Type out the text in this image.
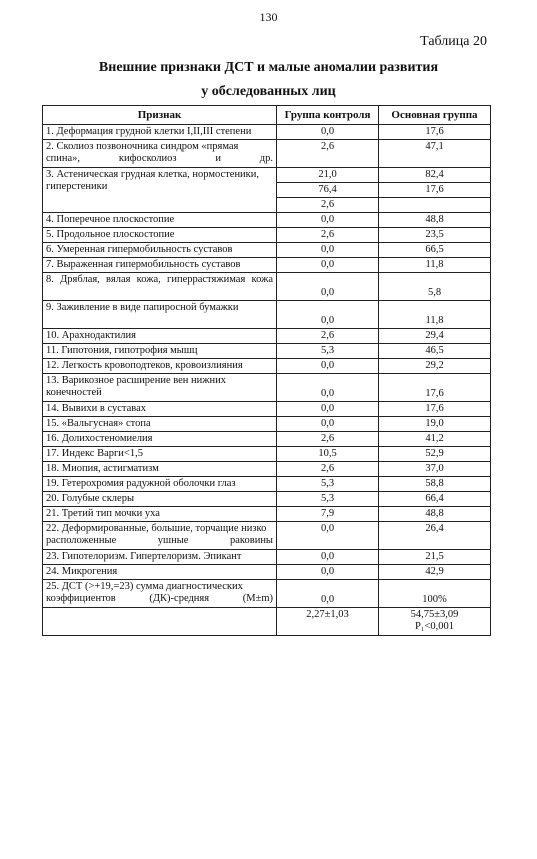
130
Таблица 20
Внешние признаки ДСТ и малые аномалии развития
у обследованных лиц
Признак	Группа контроля	Основная группа
1. Деформация грудной клетки I,II,III степени	0,0	17,6
2. Сколиоз позвоночника синдром «прямая спина», кифосколиоз и др.	2,6	47,1
3. Астеническая грудная клетка, нормостеники, гиперстеники	21,0	82,4
	76,4	17,6
	2,6	
4. Поперечное плоскостопие	0,0	48,8
5. Продольное плоскостопие	2,6	23,5
6. Умеренная гипермобильность суставов	0,0	66,5
7. Выраженная гипермобильность суставов	0,0	11,8
8. Дряблая, вялая кожа, гиперрастяжимая кожа	0,0	5,8
9. Заживление в виде папиросной бумажки	0,0	11,8
10. Арахнодактилия	2,6	29,4
11. Гипотония, гипотрофия мышц	5,3	46,5
12. Легкость кровоподтеков, кровоизлияния	0,0	29,2
13. Варикозное расширение вен нижних конечностей	0,0	17,6
14. Вывихи в суставах	0,0	17,6
15. «Вальгусная» стопа	0,0	19,0
16. Долихостеномиелия	2,6	41,2
17. Индекс Варги<1,5	10,5	52,9
18. Миопия, астигматизм	2,6	37,0
19. Гетерохромия радужной оболочки глаз	5,3	58,8
20. Голубые склеры	5,3	66,4
21. Третий тип мочки уха	7,9	48,8
22. Деформированные, большие, торчащие низко расположенные ушные раковины	0,0	26,4
23. Гипотелоризм. Гипертелоризм. Эпикант	0,0	21,5
24. Микрогения	0,0	42,9
25. ДСТ (>+19,=23) сумма диагностических коэффициентов (ДК)-средняя (M±m)	0,0	100%
	2,27±1,03	54,75±3,09
P₁<0,001
